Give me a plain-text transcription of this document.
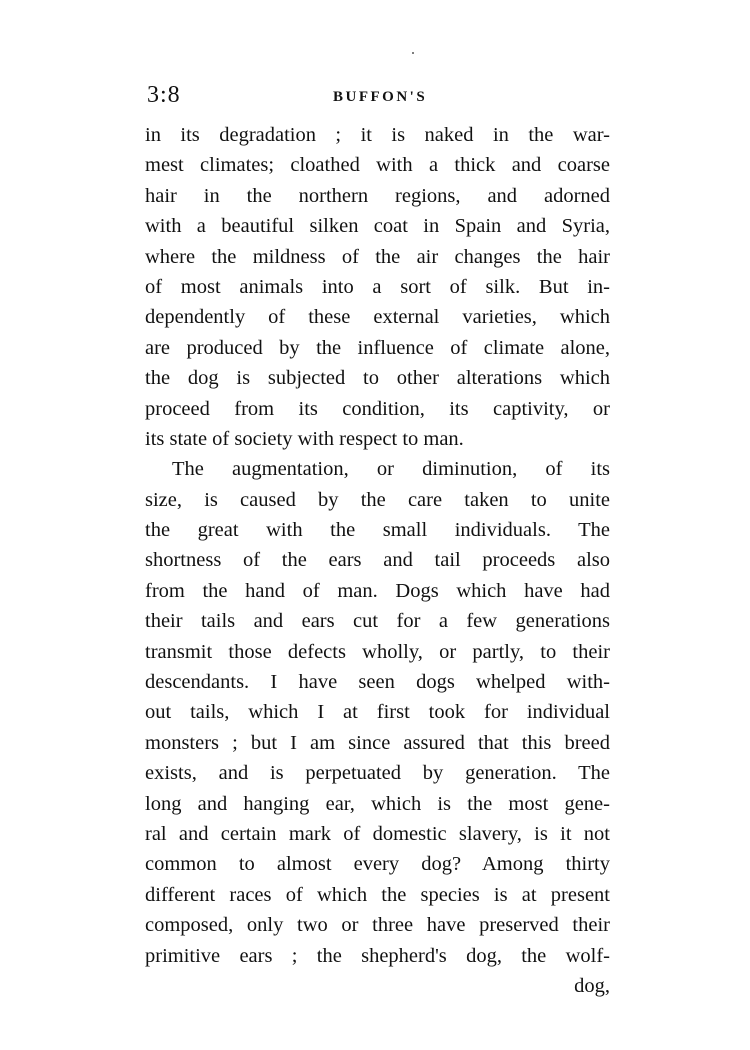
3:8	BUFFON'S
in its degradation ; it is naked in the war-
mest climates; cloathed with a thick and coarse
hair in the northern regions, and adorned
with a beautiful silken coat in Spain and Syria,
where the mildness of the air changes the hair
of most animals into a sort of silk. But in-
dependently of these external varieties, which
are produced by the influence of climate alone,
the dog is subjected to other alterations which
proceed from its condition, its captivity, or
its state of society with respect to man.
The augmentation, or diminution, of its
size, is caused by the care taken to unite
the great with the small individuals. The
shortness of the ears and tail proceeds also
from the hand of man. Dogs which have had
their tails and ears cut for a few generations
transmit those defects wholly, or partly, to their
descendants. I have seen dogs whelped with-
out tails, which I at first took for individual
monsters ; but I am since assured that this breed
exists, and is perpetuated by generation. The
long and hanging ear, which is the most gene-
ral and certain mark of domestic slavery, is it not
common to almost every dog? Among thirty
different races of which the species is at present
composed, only two or three have preserved their
primitive ears ; the shepherd's dog, the wolf-
dog,
